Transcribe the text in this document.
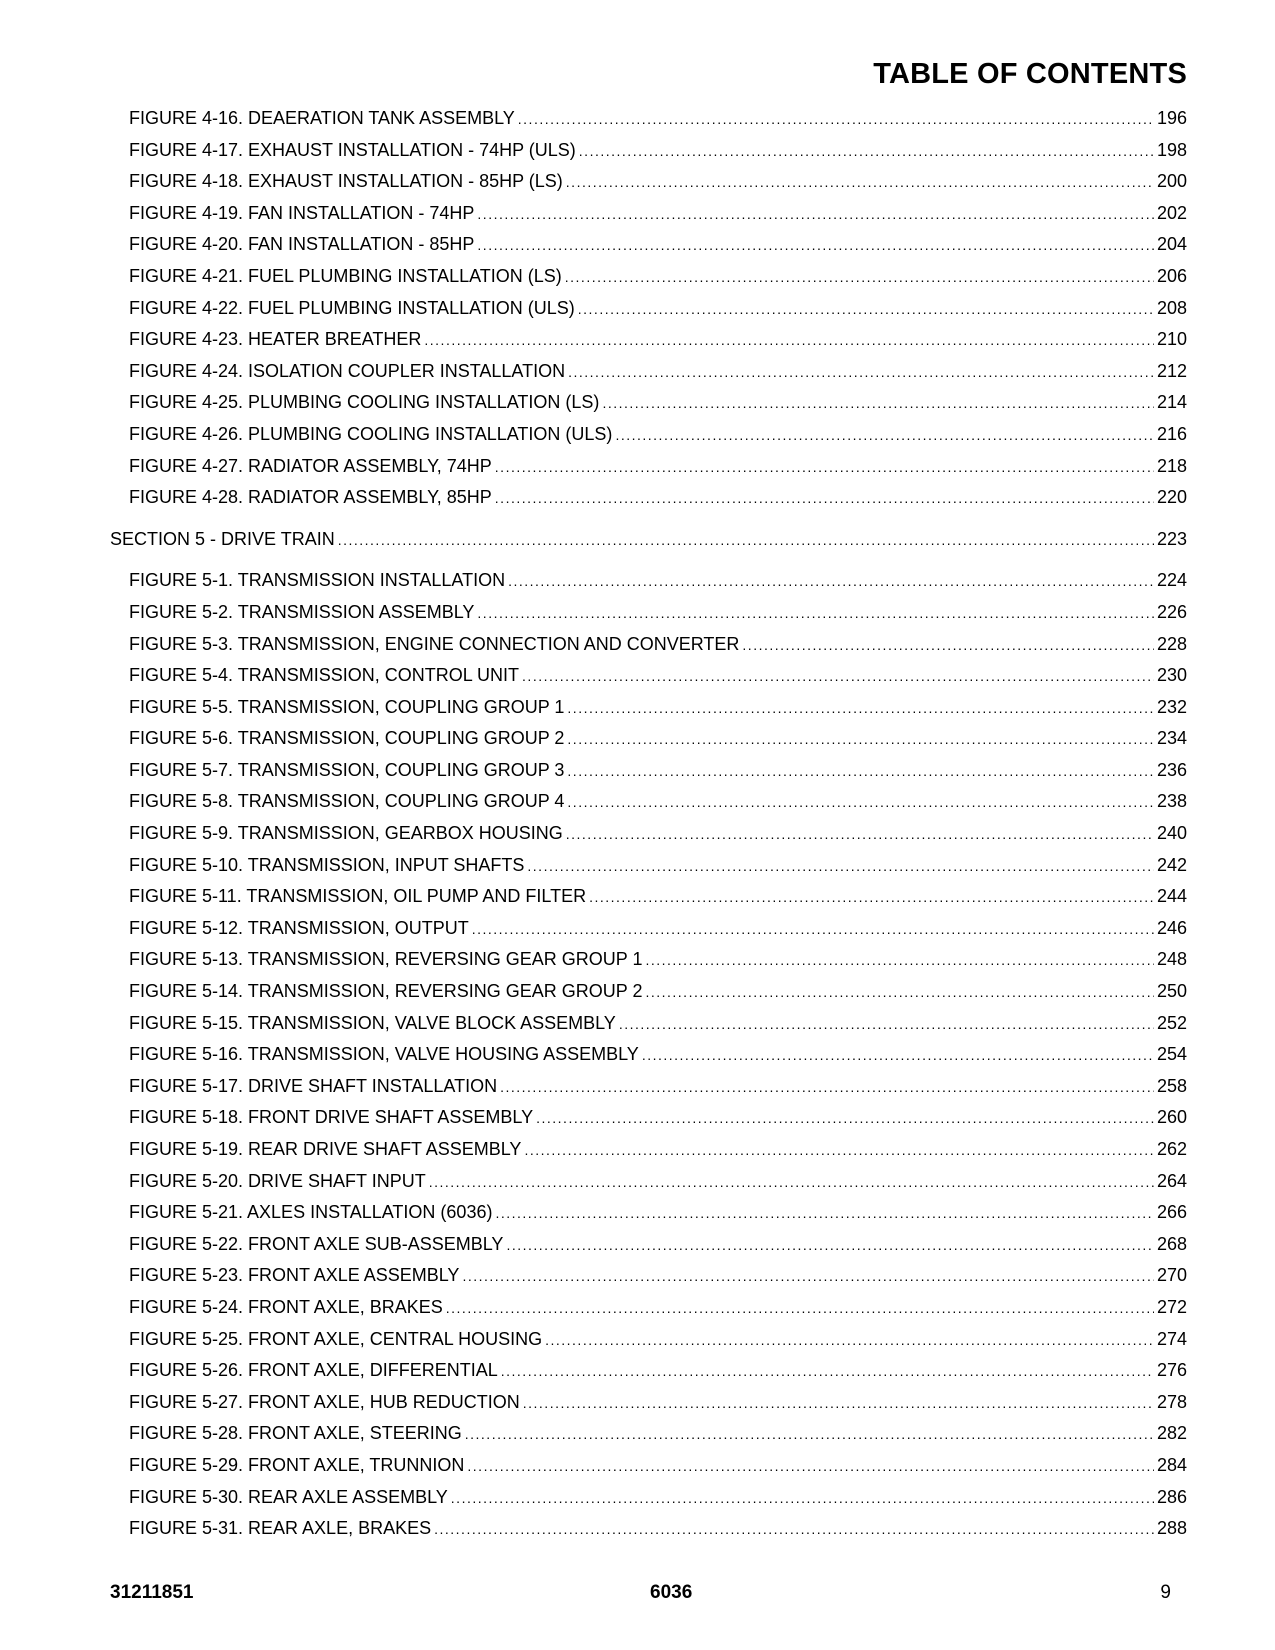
TABLE OF CONTENTS
FIGURE 4-16. DEAERATION TANK ASSEMBLY .....	196
FIGURE 4-17. EXHAUST INSTALLATION - 74HP (ULS) .....	198
FIGURE 4-18. EXHAUST INSTALLATION - 85HP (LS) .....	200
FIGURE 4-19. FAN INSTALLATION - 74HP .....	202
FIGURE 4-20. FAN INSTALLATION - 85HP .....	204
FIGURE 4-21. FUEL PLUMBING INSTALLATION (LS) .....	206
FIGURE 4-22. FUEL PLUMBING INSTALLATION (ULS) .....	208
FIGURE 4-23. HEATER BREATHER .....	210
FIGURE 4-24. ISOLATION COUPLER INSTALLATION .....	212
FIGURE 4-25. PLUMBING COOLING INSTALLATION (LS) .....	214
FIGURE 4-26. PLUMBING COOLING INSTALLATION (ULS) .....	216
FIGURE 4-27. RADIATOR ASSEMBLY, 74HP .....	218
FIGURE 4-28. RADIATOR ASSEMBLY, 85HP .....	220
SECTION 5 - DRIVE TRAIN .....	223
FIGURE 5-1. TRANSMISSION INSTALLATION .....	224
FIGURE 5-2. TRANSMISSION ASSEMBLY .....	226
FIGURE 5-3. TRANSMISSION, ENGINE CONNECTION AND CONVERTER .....	228
FIGURE 5-4. TRANSMISSION, CONTROL UNIT .....	230
FIGURE 5-5. TRANSMISSION, COUPLING GROUP 1 .....	232
FIGURE 5-6. TRANSMISSION, COUPLING GROUP 2 .....	234
FIGURE 5-7. TRANSMISSION, COUPLING GROUP 3 .....	236
FIGURE 5-8. TRANSMISSION, COUPLING GROUP 4 .....	238
FIGURE 5-9. TRANSMISSION, GEARBOX HOUSING .....	240
FIGURE 5-10. TRANSMISSION, INPUT SHAFTS .....	242
FIGURE 5-11. TRANSMISSION, OIL PUMP AND FILTER .....	244
FIGURE 5-12. TRANSMISSION, OUTPUT .....	246
FIGURE 5-13. TRANSMISSION, REVERSING GEAR GROUP 1 .....	248
FIGURE 5-14. TRANSMISSION, REVERSING GEAR GROUP 2 .....	250
FIGURE 5-15. TRANSMISSION, VALVE BLOCK ASSEMBLY .....	252
FIGURE 5-16. TRANSMISSION, VALVE HOUSING ASSEMBLY .....	254
FIGURE 5-17. DRIVE SHAFT INSTALLATION .....	258
FIGURE 5-18. FRONT DRIVE SHAFT ASSEMBLY .....	260
FIGURE 5-19. REAR DRIVE SHAFT ASSEMBLY .....	262
FIGURE 5-20. DRIVE SHAFT INPUT .....	264
FIGURE 5-21. AXLES INSTALLATION (6036) .....	266
FIGURE 5-22. FRONT AXLE SUB-ASSEMBLY .....	268
FIGURE 5-23. FRONT AXLE ASSEMBLY .....	270
FIGURE 5-24. FRONT AXLE, BRAKES .....	272
FIGURE 5-25. FRONT AXLE, CENTRAL HOUSING .....	274
FIGURE 5-26. FRONT AXLE, DIFFERENTIAL .....	276
FIGURE 5-27. FRONT AXLE, HUB REDUCTION .....	278
FIGURE 5-28. FRONT AXLE, STEERING .....	282
FIGURE 5-29. FRONT AXLE, TRUNNION .....	284
FIGURE 5-30. REAR AXLE ASSEMBLY .....	286
FIGURE 5-31. REAR AXLE, BRAKES .....	288
31211851	6036	9
